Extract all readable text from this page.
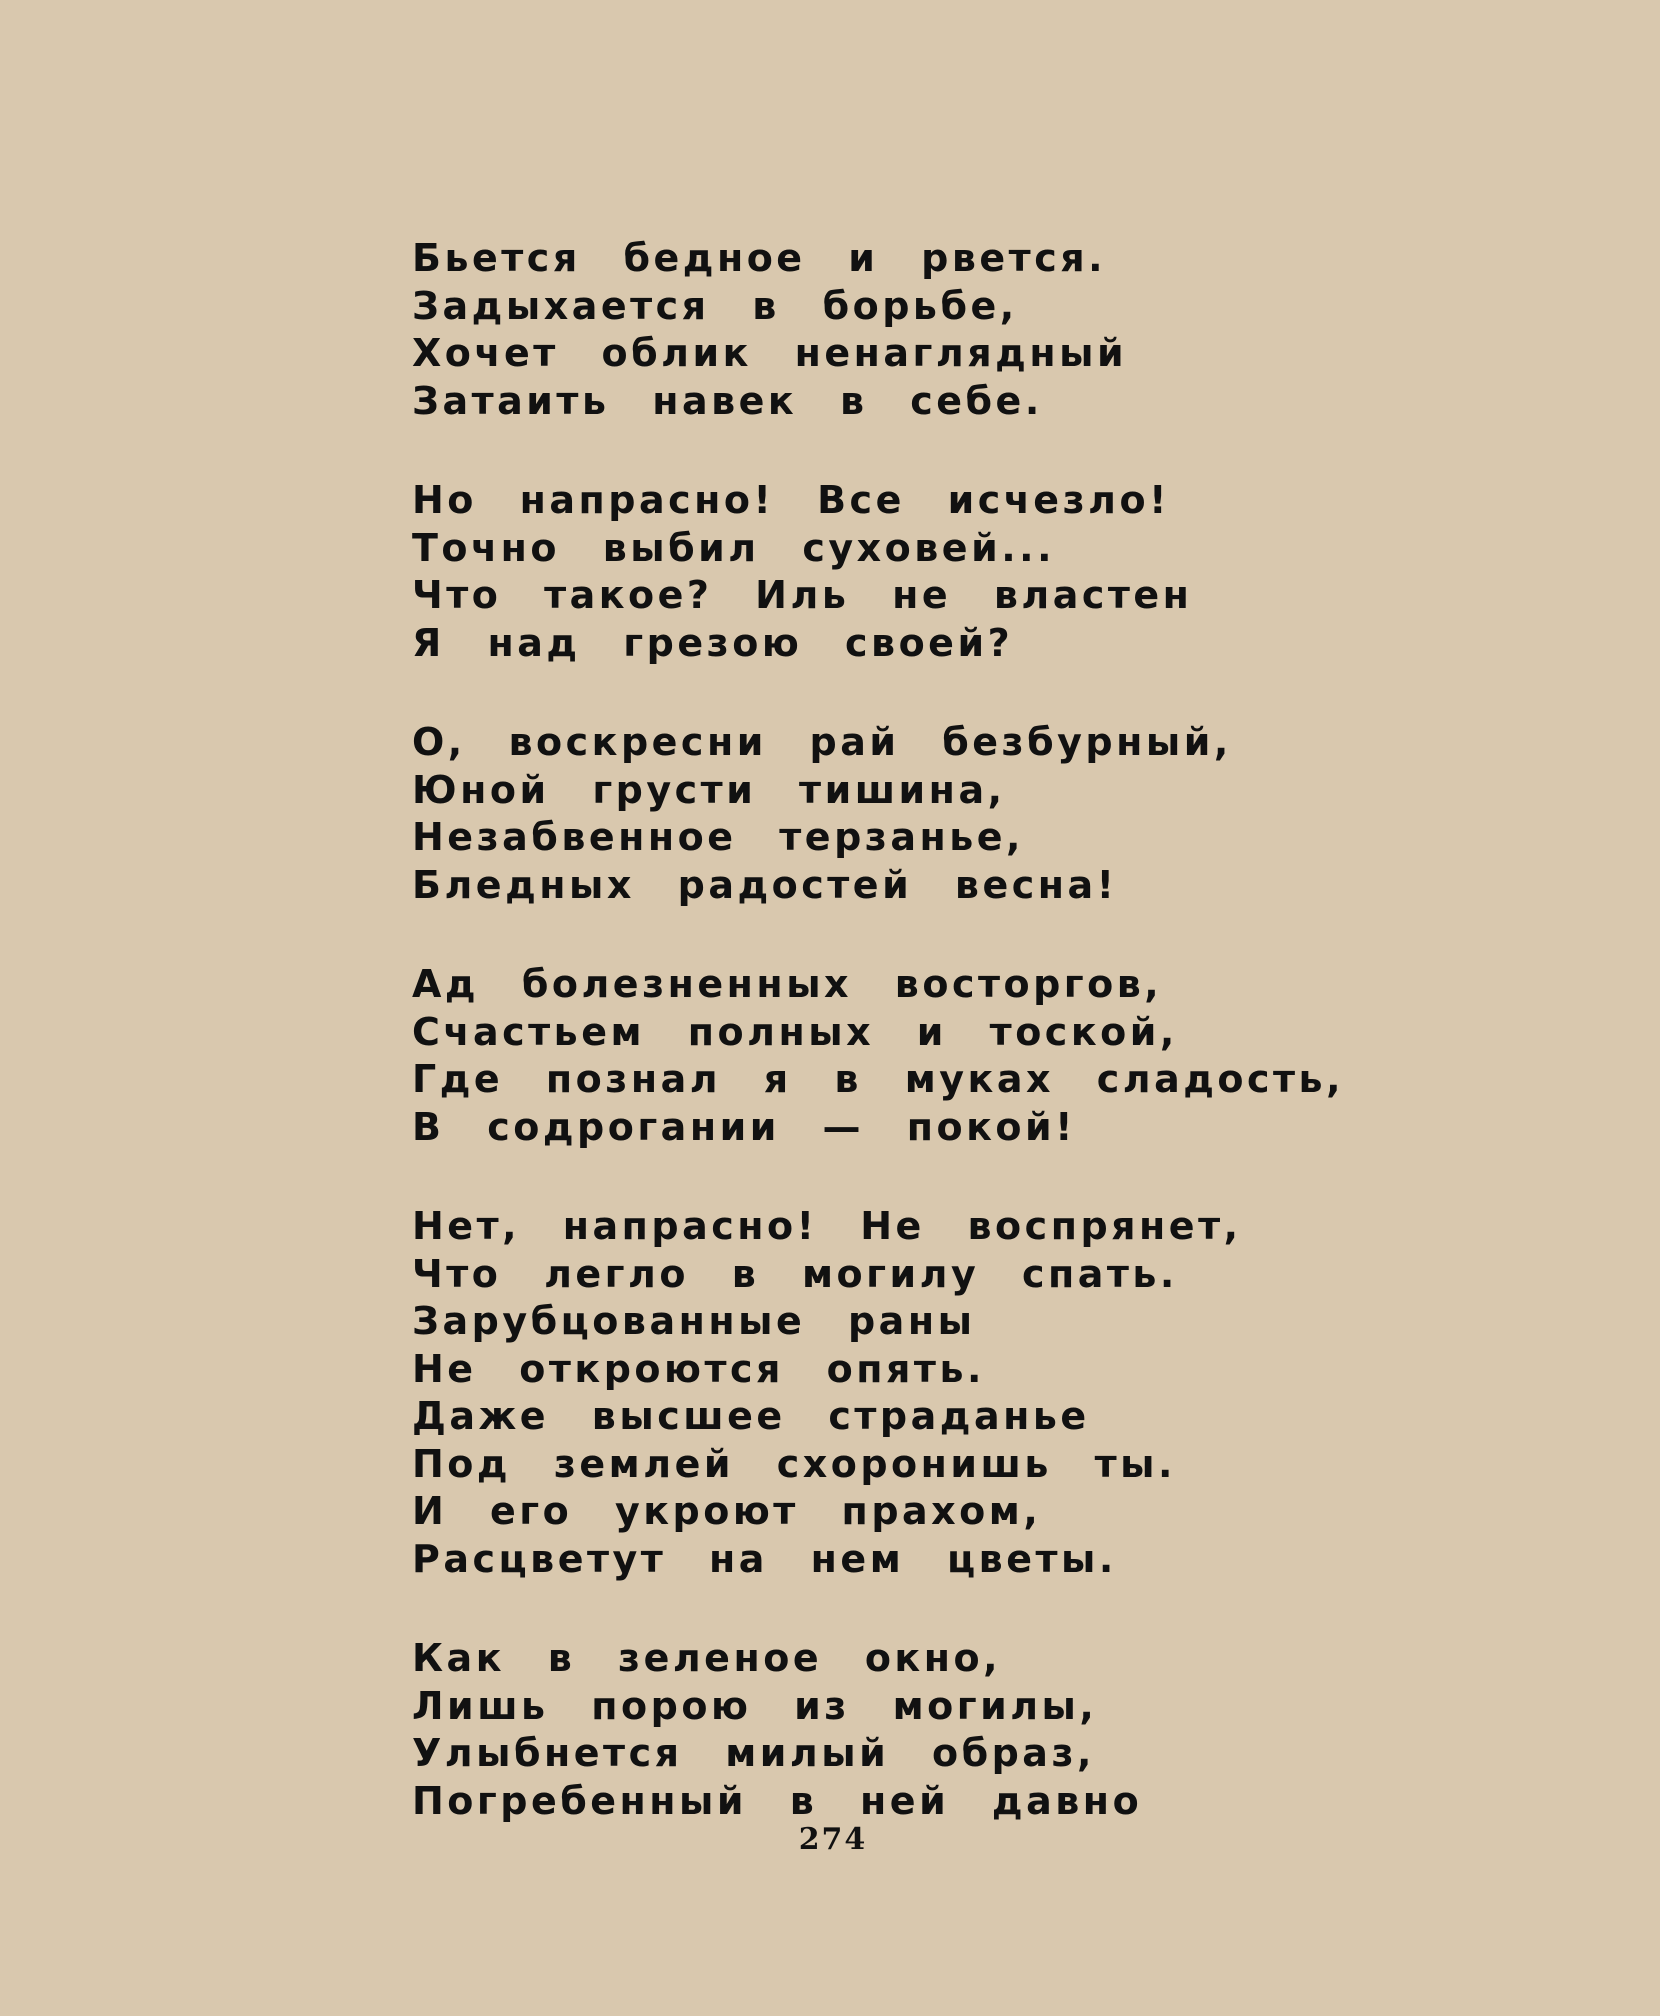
Бьется бедное и рвется.
Задыхается в борьбе,
Хочет облик ненаглядный
Затаить навек в себе.
Но напрасно! Все исчезло!
Точно выбил суховей...
Что такое? Иль не властен
Я над грезою своей?
О, воскресни рай безбурный,
Юной грусти тишина,
Незабвенное терзанье,
Бледных радостей весна!
Ад болезненных восторгов,
Счастьем полных и тоской,
Где познал я в муках сладость,
В содрогании — покой!
Нет, напрасно! Не воспрянет,
Что легло в могилу спать.
Зарубцованные раны
Не откроются опять.
Даже высшее страданье
Под землей схоронишь ты.
И его укроют прахом,
Расцветут на нем цветы.
Как в зеленое окно,
Лишь порою из могилы,
Улыбнется милый образ,
Погребенный в ней давно
274
